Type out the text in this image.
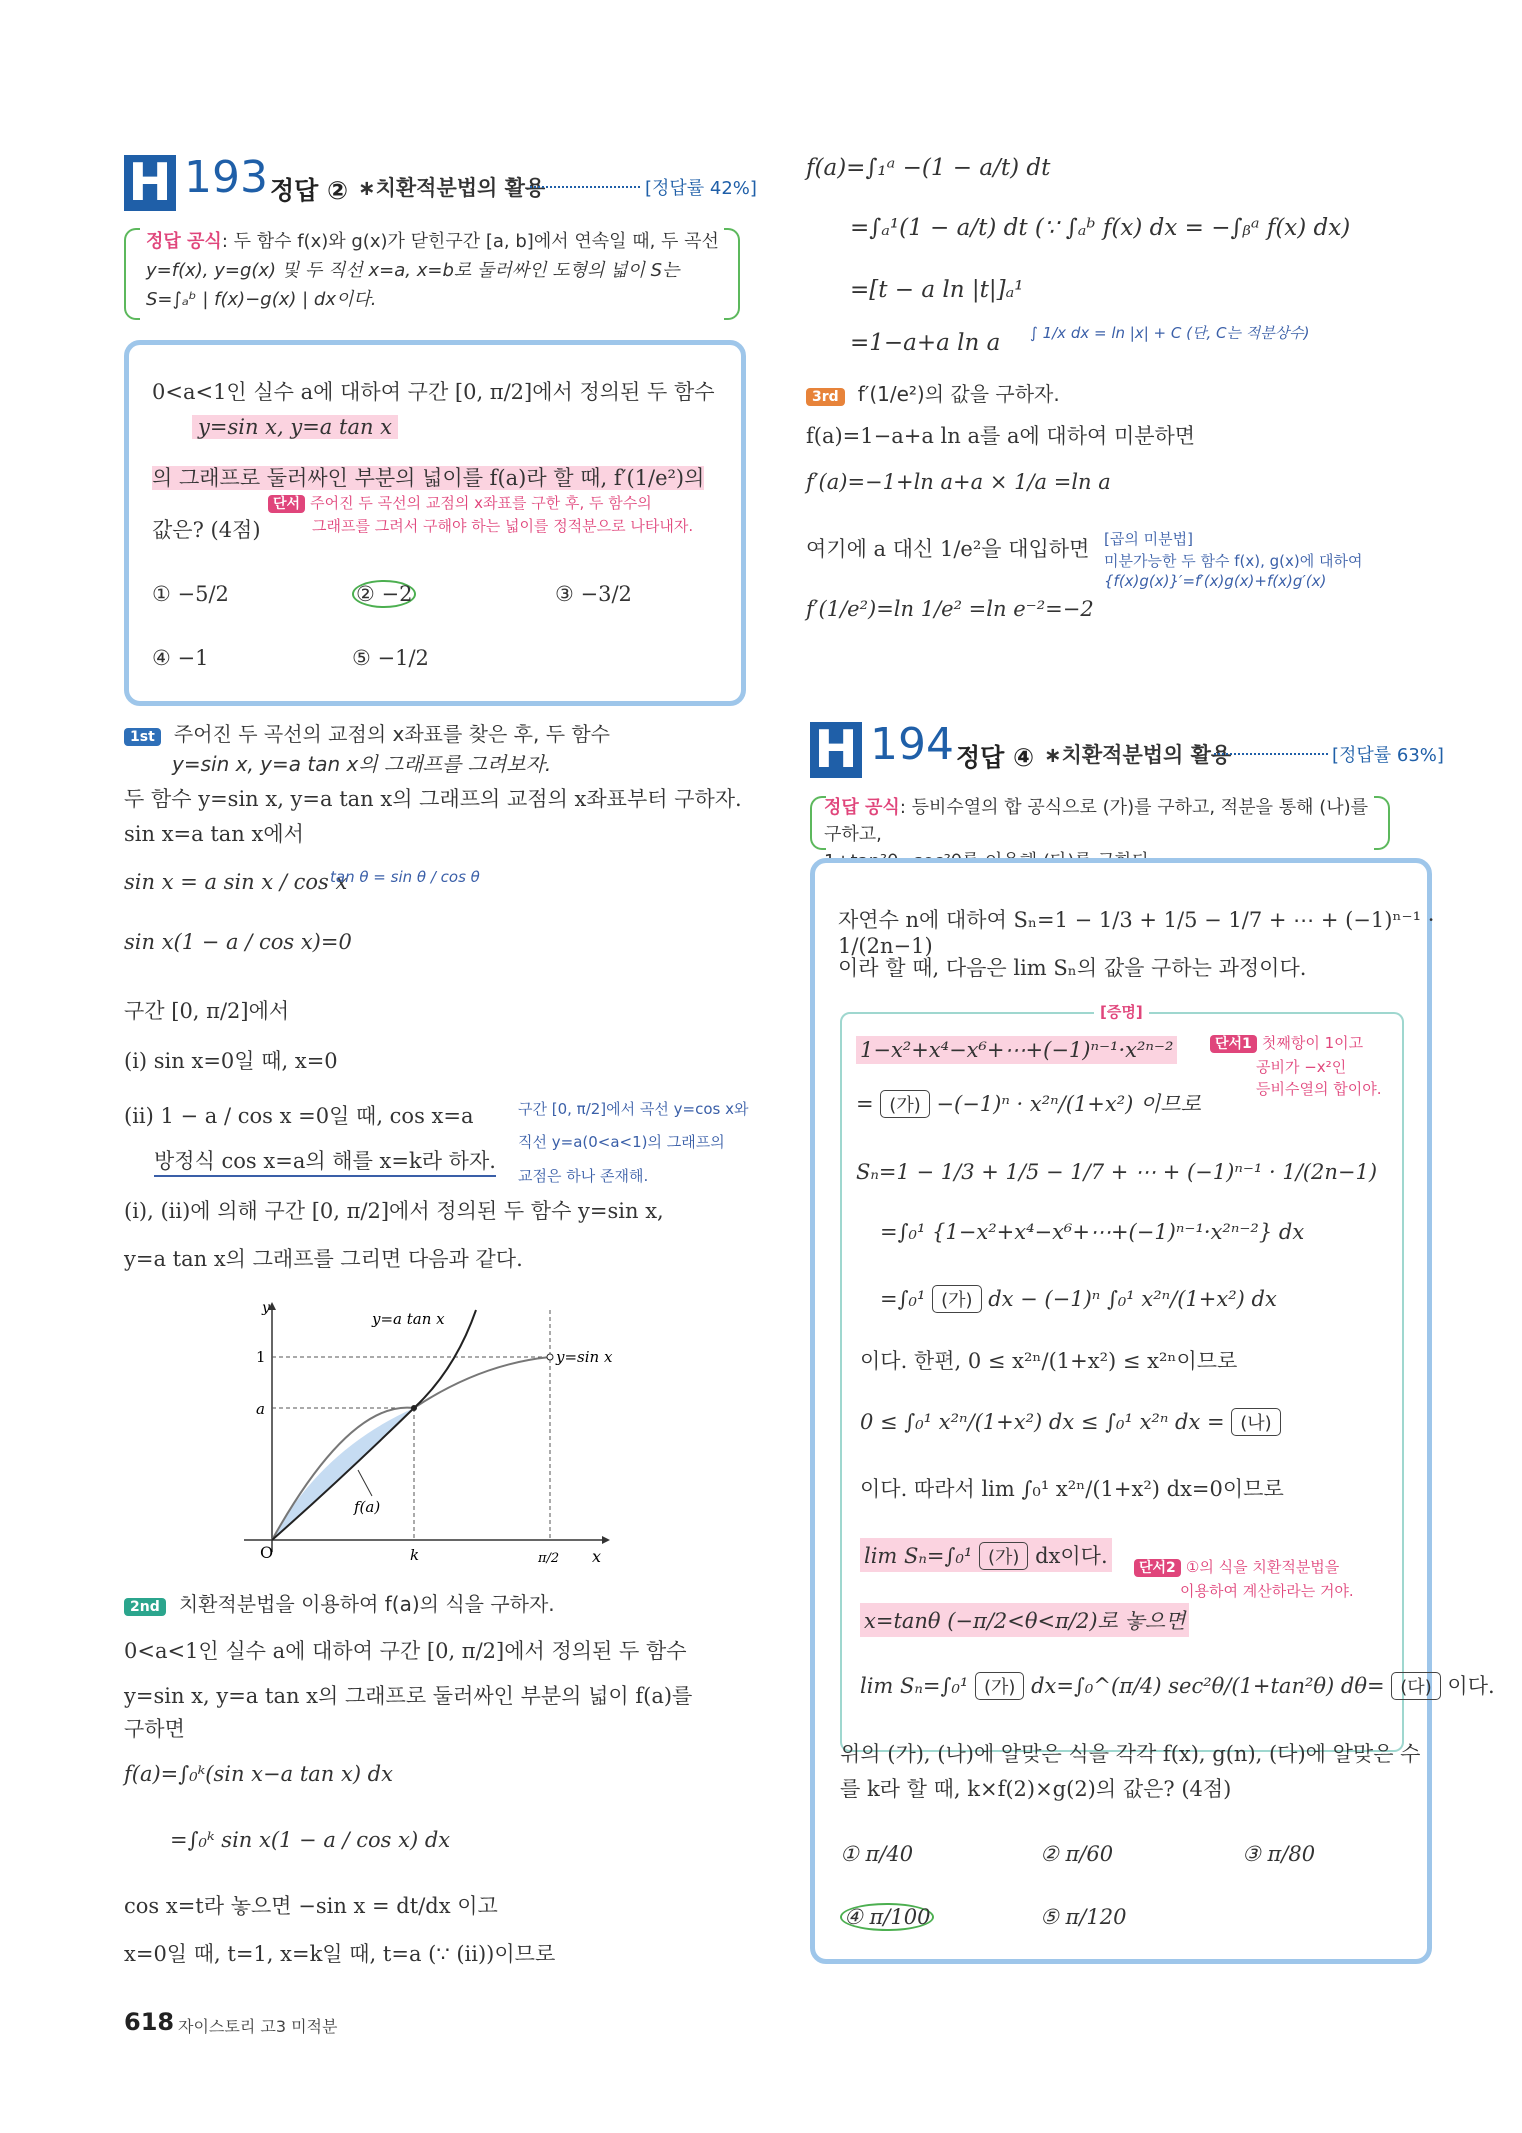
H 193 정답 ② ∗치환적분법의 활용	[정답률 42%]
정답 공식: 두 함수 f(x)와 g(x)가 닫힌구간 [a, b]에서 연속일 때, 두 곡선
y=f(x), y=g(x) 및 두 직선 x=a, x=b로 둘러싸인 도형의 넓이 S는
S=∫ₐᵇ | f(x)−g(x) | dx이다.
0<a<1인 실수 a에 대하여 구간 [0, π/2]에서 정의된 두 함수
y=sin x, y=a tan x
의 그래프로 둘러싸인 부분의 넓이를 f(a)라 할 때, f′(1/e²)의
단서 주어진 두 곡선의 교점의 x좌표를 구한 후, 두 함수의
그래프를 그려서 구해야 하는 넓이를 정적분으로 나타내자.
값은? (4점)
① −5/2	② −2	③ −3/2
④ −1	⑤ −1/2
1st 주어진 두 곡선의 교점의 x좌표를 찾은 후, 두 함수
y=sin x, y=a tan x의 그래프를 그려보자.
두 함수 y=sin x, y=a tan x의 그래프의 교점의 x좌표부터 구하자.
sin x=a tan x에서
sin x = a sin x / cos x
tan θ = sin θ / cos θ
sin x(1 − a / cos x)=0
구간 [0, π/2]에서
(i) sin x=0일 때, x=0
(ii) 1 − a / cos x =0일 때, cos x=a	구간 [0, π/2]에서 곡선 y=cos x와
직선 y=a(0<a<1)의 그래프의
방정식 cos x=a의 해를 x=k라 하자.
교점은 하나 존재해.
(i), (ii)에 의해 구간 [0, π/2]에서 정의된 두 함수 y=sin x,
y=a tan x의 그래프를 그리면 다음과 같다.
y
x
O
1
a
k	π/2
y=a tan x
y=sin x
f(a)
2nd 치환적분법을 이용하여 f(a)의 식을 구하자.
0<a<1인 실수 a에 대하여 구간 [0, π/2]에서 정의된 두 함수
y=sin x, y=a tan x의 그래프로 둘러싸인 부분의 넓이 f(a)를
구하면
f(a)=∫₀ᵏ(sin x−a tan x) dx
=∫₀ᵏ sin x(1 − a / cos x) dx
cos x=t라 놓으면 −sin x = dt/dx 이고
x=0일 때, t=1, x=k일 때, t=a (∵ (ii))이므로
f(a)=∫₁ᵃ −(1 − a/t) dt
=∫ₐ¹(1 − a/t) dt (∵ ∫ₐᵇ f(x) dx = −∫ᵦᵃ f(x) dx)
=[t − a ln |t|]ₐ¹
=1−a+a ln a ∫ 1/x dx = ln |x| + C (단, C는 적분상수)
3rd f′(1/e²)의 값을 구하자.
f(a)=1−a+a ln a를 a에 대하여 미분하면
f′(a)=−1+ln a+a × 1/a =ln a
여기에 a 대신 1/e²을 대입하면 [곱의 미분법]
미분가능한 두 함수 f(x), g(x)에 대하여
{f(x)g(x)}′=f′(x)g(x)+f(x)g′(x)
f′(1/e²)=ln 1/e² =ln e⁻²=−2
H 194 정답 ④ ∗치환적분법의 활용	[정답률 63%]
정답 공식: 등비수열의 합 공식으로 (가)를 구하고, 적분을 통해 (나)를 구하고,

자연수 n에 대하여 Sₙ=1 − 1/3 + 1/5 − 1/7 + ⋯ + (−1)ⁿ⁻¹ · 1/(2n−1)
이라 할 때, 다음은 lim Sₙ의 값을 구하는 과정이다.
[증명]
1−x²+x⁴−x⁶+⋯+(−1)ⁿ⁻¹·x²ⁿ⁻²	단서1 첫째항이 1이고
공비가 −x²인
등비수열의 합이야.
= (가) −(−1)ⁿ · x²ⁿ/(1+x²) 이므로
Sₙ=1 − 1/3 + 1/5 − 1/7 + ⋯ + (−1)ⁿ⁻¹ · 1/(2n−1)
=∫₀¹ {1−x²+x⁴−x⁶+⋯+(−1)ⁿ⁻¹·x²ⁿ⁻²} dx
=∫₀¹ (가) dx − (−1)ⁿ ∫₀¹ x²ⁿ/(1+x²) dx
이다. 한편, 0 ≤ x²ⁿ/(1+x²) ≤ x²ⁿ이므로
0 ≤ ∫₀¹ x²ⁿ/(1+x²) dx ≤ ∫₀¹ x²ⁿ dx = (나)
이다. 따라서 lim ∫₀¹ x²ⁿ/(1+x²) dx=0이므로
lim Sₙ=∫₀¹ (가) dx이다.	단서2 ①의 식을 치환적분법을
이용하여 계산하라는 거야.
x=tanθ (−π/2<θ<π/2)로 놓으면
lim Sₙ=∫₀¹ (가) dx=∫₀^(π/4) sec²θ/(1+tan²θ) dθ= (다) 이다.
위의 (가), (나)에 알맞은 식을 각각 f(x), g(n), (다)에 알맞은 수
를 k라 할 때, k×f(2)×g(2)의 값은? (4점)
① π/40	② π/60	③ π/80
④ π/100	⑤ π/120
618 자이스토리 고3 미적분
